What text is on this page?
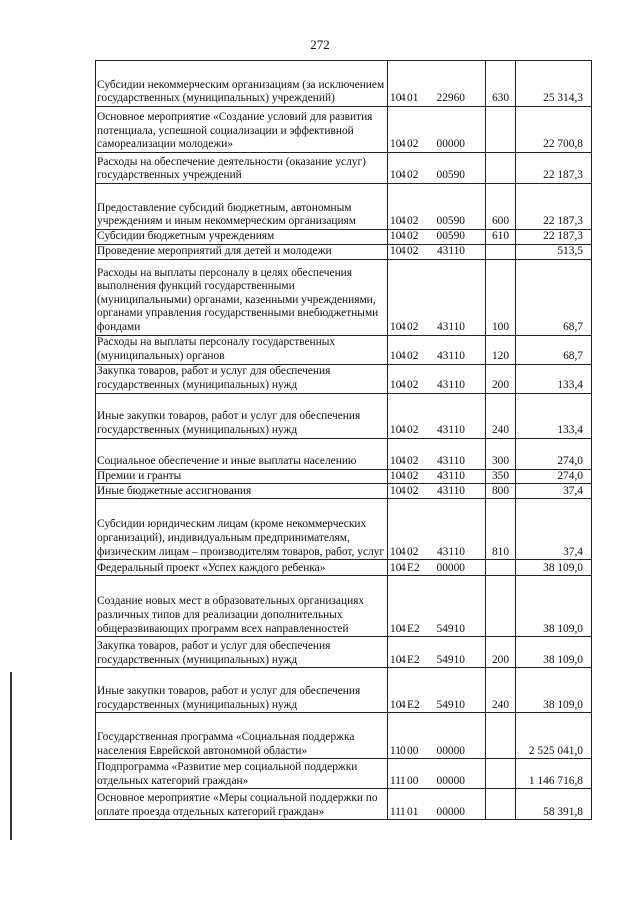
272
Субсидии некоммерческим организациям (за исключением государственных (муниципальных) учреждений)	10401 22960	630	25 314,3
Основное мероприятие «Создание условий для развития потенциала, успешной социализации и эффективной самореализации молодежи»	10402 00000		22 700,8
Расходы на обеспечение деятельности (оказание услуг) государственных учреждений	10402 00590		22 187,3
Предоставление субсидий бюджетным, автономным учреждениям и иным некоммерческим организациям	10402 00590	600	22 187,3
Субсидии бюджетным учреждениям	10402 00590	610	22 187,3
Проведение мероприятий для детей и молодежи	10402 43110		513,5
Расходы на выплаты персоналу в целях обеспечения выполнения функций государственными (муниципальными) органами, казенными учреждениями, органами управления государственными внебюджетными фондами	10402 43110	100	68,7
Расходы на выплаты персоналу государственных (муниципальных) органов	10402 43110	120	68,7
Закупка товаров, работ и услуг для обеспечения государственных (муниципальных) нужд	10402 43110	200	133,4
Иные закупки товаров, работ и услуг для обеспечения государственных (муниципальных) нужд	10402 43110	240	133,4
Социальное обеспечение и иные выплаты населению	10402 43110	300	274,0
Премии и гранты	10402 43110	350	274,0
Иные бюджетные ассигнования	10402 43110	800	37,4
Субсидии юридическим лицам (кроме некоммерческих организаций), индивидуальным предпринимателям, физическим лицам – производителям товаров, работ, услуг	10402 43110	810	37,4
Федеральный проект «Успех каждого ребенка»	104E2 00000		38 109,0
Создание новых мест в образовательных организациях различных типов для реализации дополнительных общеразвивающих программ всех направленностей	104E2 54910		38 109,0
Закупка товаров, работ и услуг для обеспечения государственных (муниципальных) нужд	104E2 54910	200	38 109,0
Иные закупки товаров, работ и услуг для обеспечения государственных (муниципальных) нужд	104E2 54910	240	38 109,0
Государственная программа «Социальная поддержка населения Еврейской автономной области»	11000 00000		2 525 041,0
Подпрограмма «Развитие мер социальной поддержки отдельных категорий граждан»	11100 00000		1 146 716,8
Основное мероприятие «Меры социальной поддержки по оплате проезда отдельных категорий граждан»	11101 00000		58 391,8
